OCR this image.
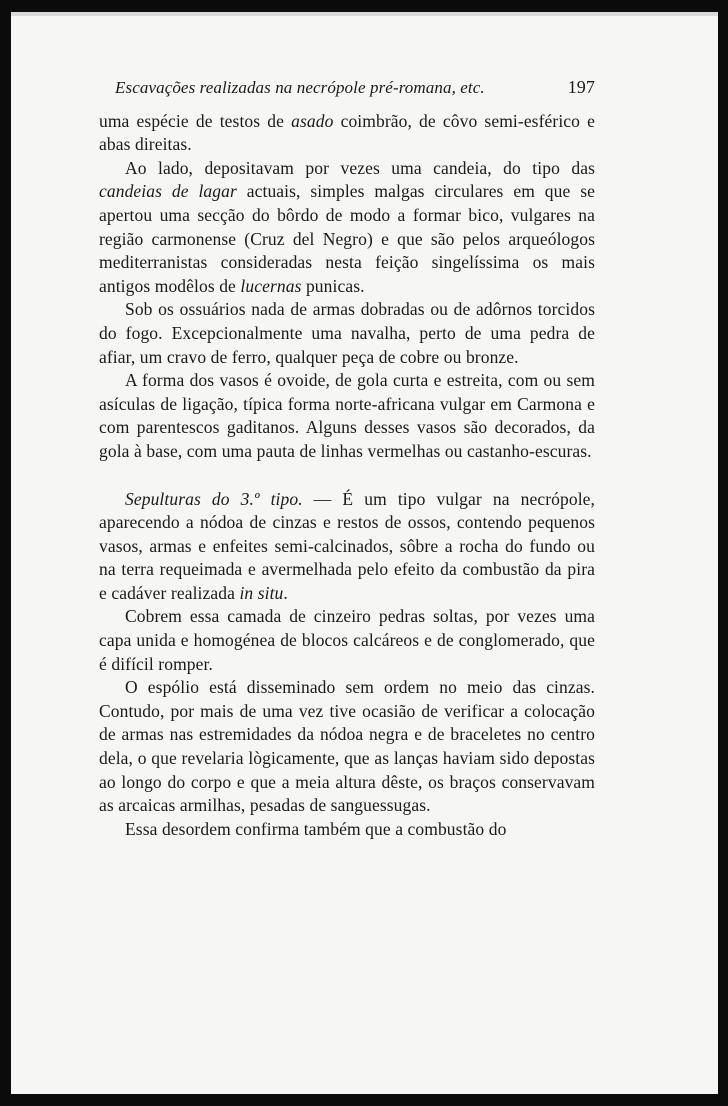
Escavações realizadas na necrópole pré-romana, etc.	197

uma espécie de testos de asado coimbrão, de côvo semi-esférico e abas direitas.

Ao lado, depositavam por vezes uma candeia, do tipo das candeias de lagar actuais, simples malgas circulares em que se apertou uma secção do bôrdo de modo a formar bico, vulgares na região carmonense (Cruz del Negro) e que são pelos arqueólogos mediterranistas consideradas nesta feição singelíssima os mais antigos modêlos de lucernas punicas.

Sob os ossuários nada de armas dobradas ou de adôrnos torcidos do fogo. Excepcionalmente uma navalha, perto de uma pedra de afiar, um cravo de ferro, qualquer peça de cobre ou bronze.

A forma dos vasos é ovoide, de gola curta e estreita, com ou sem asículas de ligação, típica forma norte-africana vulgar em Carmona e com parentescos gaditanos. Alguns desses vasos são decorados, da gola à base, com uma pauta de linhas vermelhas ou castanho-escuras.

Sepulturas do 3.º tipo. — É um tipo vulgar na necrópole, aparecendo a nódoa de cinzas e restos de ossos, contendo pequenos vasos, armas e enfeites semi-calcinados, sôbre a rocha do fundo ou na terra requeimada e avermelhada pelo efeito da combustão da pira e cadáver realizada in situ.

Cobrem essa camada de cinzeiro pedras soltas, por vezes uma capa unida e homogénea de blocos calcáreos e de conglomerado, que é difícil romper.

O espólio está disseminado sem ordem no meio das cinzas. Contudo, por mais de uma vez tive ocasião de verificar a colocação de armas nas estremidades da nódoa negra e de braceletes no centro dela, o que revelaria lògicamente, que as lanças haviam sido depostas ao longo do corpo e que a meia altura dêste, os braços conservavam as arcaicas armilhas, pesadas de sanguessugas.

Essa desordem confirma também que a combustão do
